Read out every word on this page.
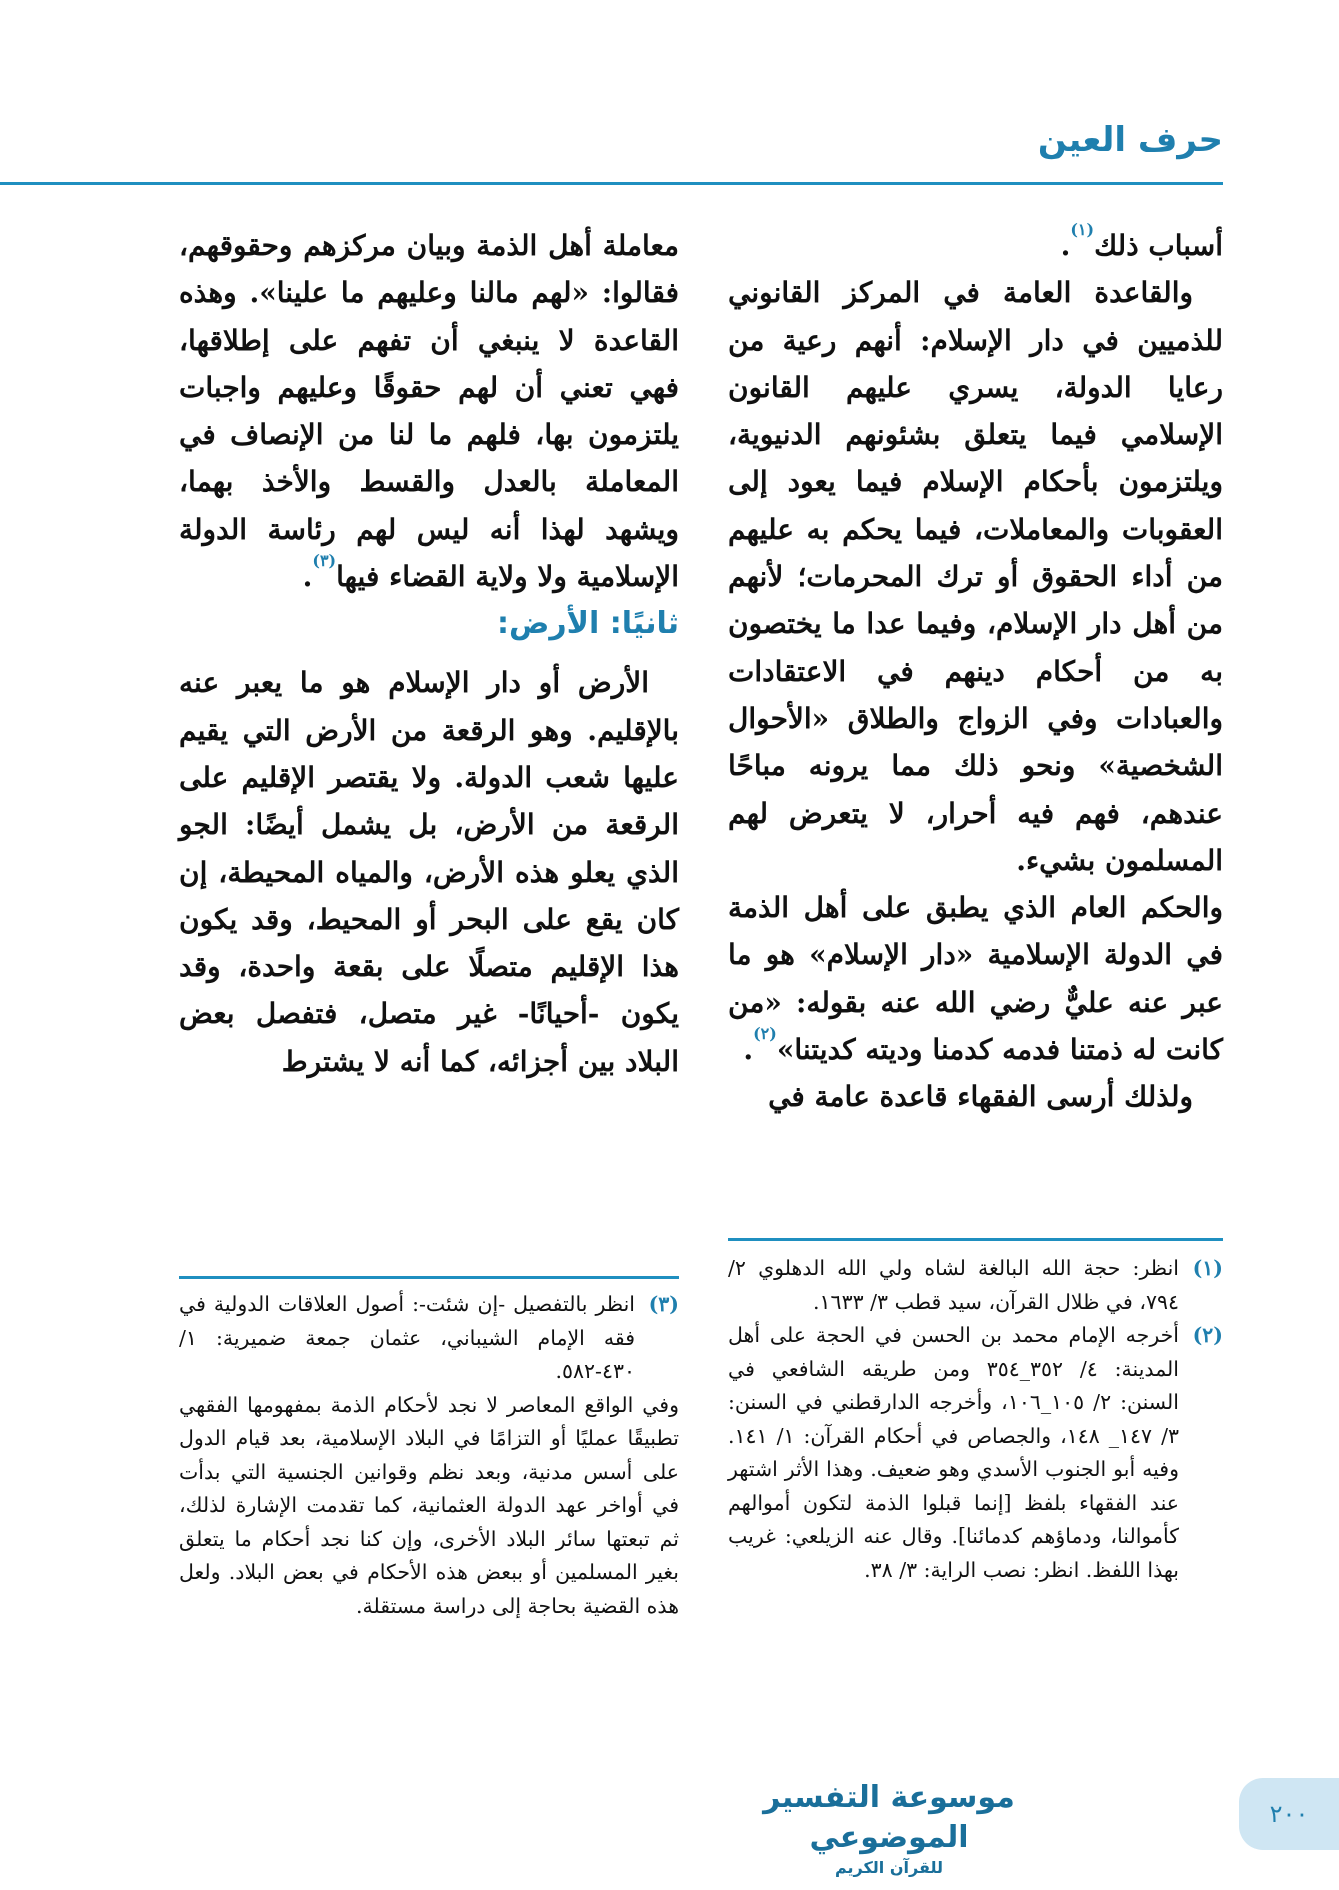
حرف العين

أسباب ذلك$^{(١)}$.

والقاعدة العامة في المركز القانوني للذميين في دار الإسلام: أنهم رعية من رعايا الدولة، يسري عليهم القانون الإسلامي فيما يتعلق بشئونهم الدنيوية، ويلتزمون بأحكام الإسلام فيما يعود إلى العقوبات والمعاملات، فيما يحكم به عليهم من أداء الحقوق أو ترك المحرمات؛ لأنهم من أهل دار الإسلام، وفيما عدا ما يختصون به من أحكام دينهم في الاعتقادات والعبادات وفي الزواج والطلاق «الأحوال الشخصية» ونحو ذلك مما يرونه مباحًا عندهم، فهم فيه أحرار، لا يتعرض لهم المسلمون بشيء.

والحكم العام الذي يطبق على أهل الذمة في الدولة الإسلامية «دار الإسلام» هو ما عبر عنه عليٌّ رضي الله عنه بقوله: «من كانت له ذمتنا فدمه كدمنا وديته كديتنا»$^{(٢)}$.

ولذلك أرسى الفقهاء قاعدة عامة في

معاملة أهل الذمة وبيان مركزهم وحقوقهم، فقالوا: «لهم مالنا وعليهم ما علينا». وهذه القاعدة لا ينبغي أن تفهم على إطلاقها، فهي تعني أن لهم حقوقًا وعليهم واجبات يلتزمون بها، فلهم ما لنا من الإنصاف في المعاملة بالعدل والقسط والأخذ بهما، ويشهد لهذا أنه ليس لهم رئاسة الدولة الإسلامية ولا ولاية القضاء فيها$^{(٣)}$.

ثانيًا: الأرض:

الأرض أو دار الإسلام هو ما يعبر عنه بالإقليم. وهو الرقعة من الأرض التي يقيم عليها شعب الدولة. ولا يقتصر الإقليم على الرقعة من الأرض، بل يشمل أيضًا: الجو الذي يعلو هذه الأرض، والمياه المحيطة، إن كان يقع على البحر أو المحيط، وقد يكون هذا الإقليم متصلًا على بقعة واحدة، وقد يكون -أحيانًا- غير متصل، فتفصل بعض البلاد بين أجزائه، كما أنه لا يشترط

(١)
انظر: حجة الله البالغة لشاه ولي الله الدهلوي ٢/ ٧٩٤، في ظلال القرآن، سيد قطب ٣/ ١٦٣٣.
(٢)
أخرجه الإمام محمد بن الحسن في الحجة على أهل المدينة: ٤/ ٣٥٢_٣٥٤ ومن طريقه الشافعي في السنن: ٢/ ١٠٥_١٠٦، وأخرجه الدارقطني في السنن: ٣/ ١٤٧_ ١٤٨، والجصاص في أحكام القرآن: ١/ ١٤١. وفيه أبو الجنوب الأسدي وهو ضعيف. وهذا الأثر اشتهر عند الفقهاء بلفظ [إنما قبلوا الذمة لتكون أموالهم كأموالنا، ودماؤهم كدمائنا]. وقال عنه الزيلعي: غريب بهذا اللفظ. انظر: نصب الراية: ٣/ ٣٨.
(٣)
انظر بالتفصيل -إن شئت-: أصول العلاقات الدولية في فقه الإمام الشيباني، عثمان جمعة ضميرية: ١/ ٤٣٠-٥٨٢.

وفي الواقع المعاصر لا نجد لأحكام الذمة بمفهومها الفقهي تطبيقًا عمليًا أو التزامًا في البلاد الإسلامية، بعد قيام الدول على أسس مدنية، وبعد نظم وقوانين الجنسية التي بدأت في أواخر عهد الدولة العثمانية، كما تقدمت الإشارة لذلك، ثم تبعتها سائر البلاد الأخرى، وإن كنا نجد أحكام ما يتعلق بغير المسلمين أو ببعض هذه الأحكام في بعض البلاد. ولعل هذه القضية بحاجة إلى دراسة مستقلة.

موسوعة التفسير الموضوعي
للقرآن الكريم
٢٠٠
